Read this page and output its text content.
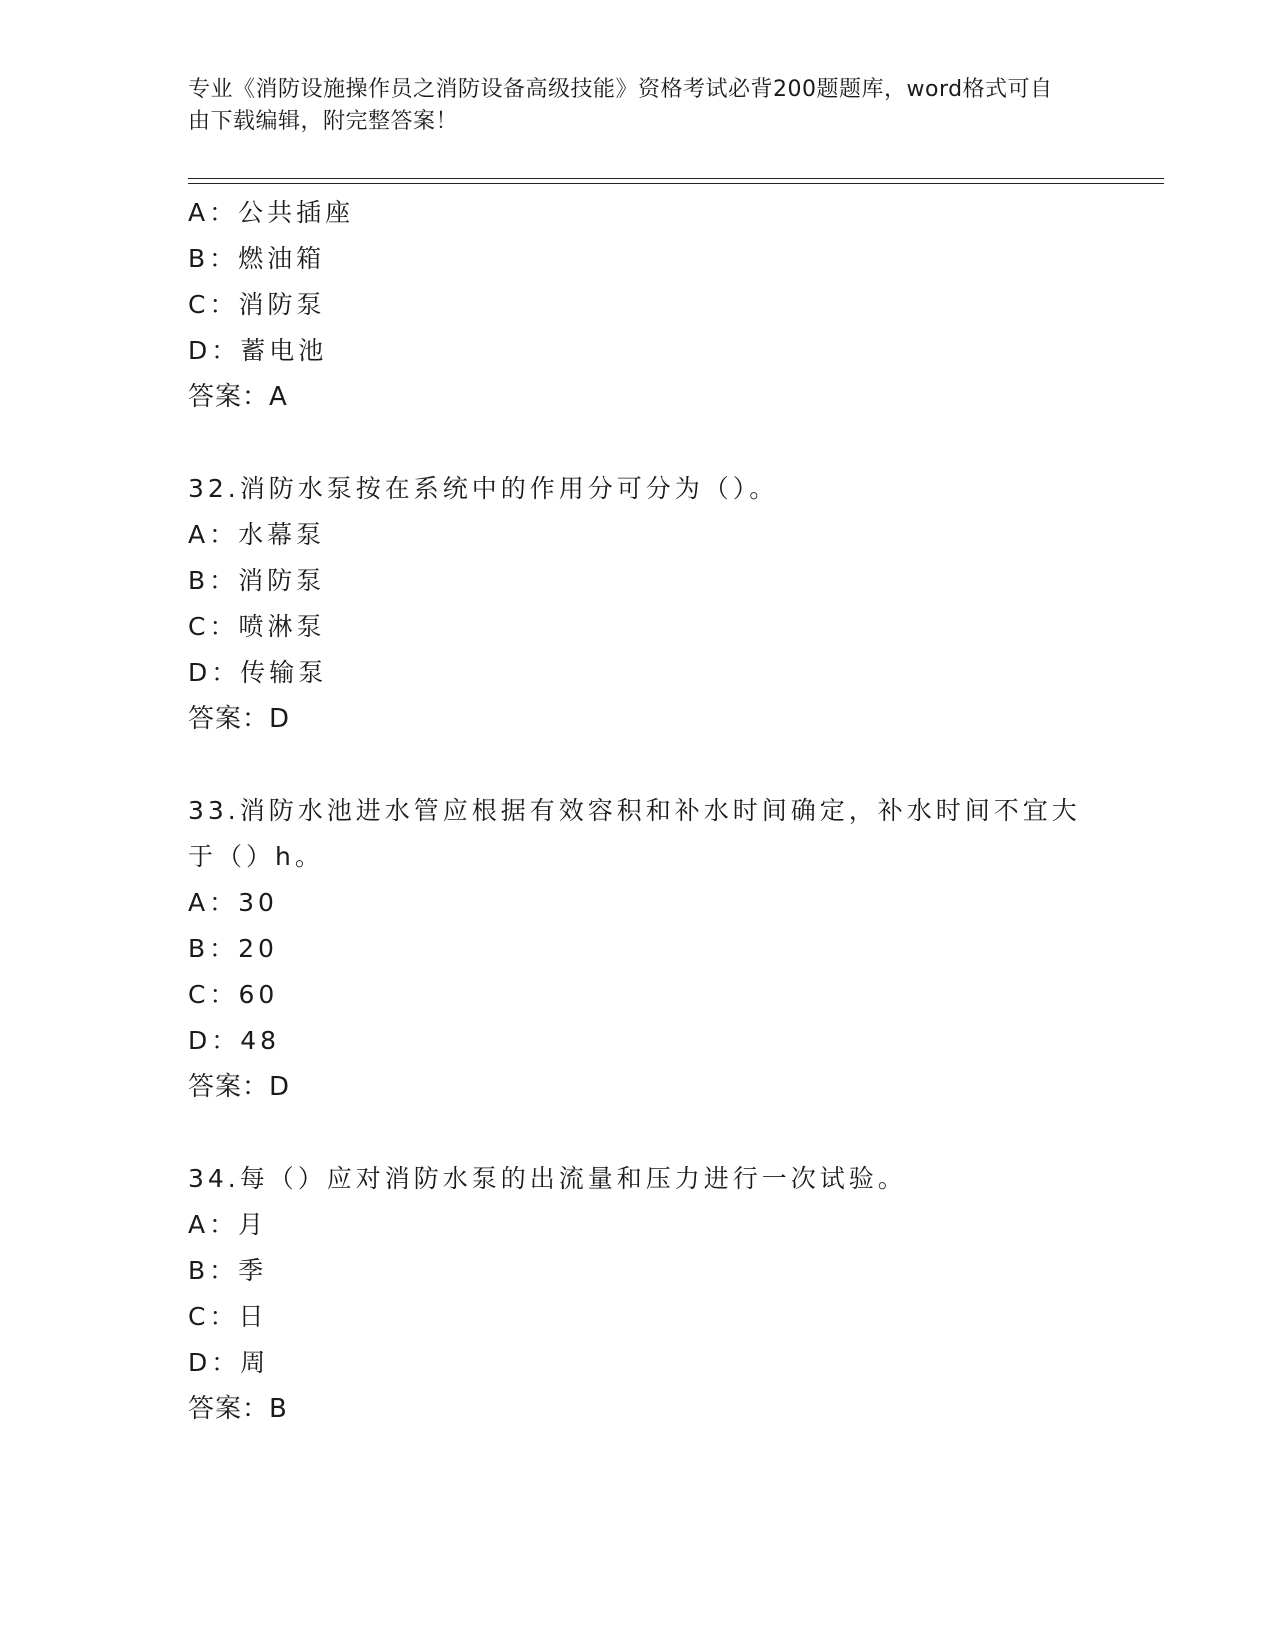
专业《消防设施操作员之消防设备高级技能》资格考试必背200题题库，word格式可自由下载编辑，附完整答案！
A：公共插座
B：燃油箱
C：消防泵
D：蓄电池
答案：A
32.消防水泵按在系统中的作用分可分为（）。
A：水幕泵
B：消防泵
C：喷淋泵
D：传输泵
答案：D
33.消防水池进水管应根据有效容积和补水时间确定，补水时间不宜大于（）h。
A：30
B：20
C：60
D：48
答案：D
34.每（）应对消防水泵的出流量和压力进行一次试验。
A：月
B：季
C：日
D：周
答案：B
